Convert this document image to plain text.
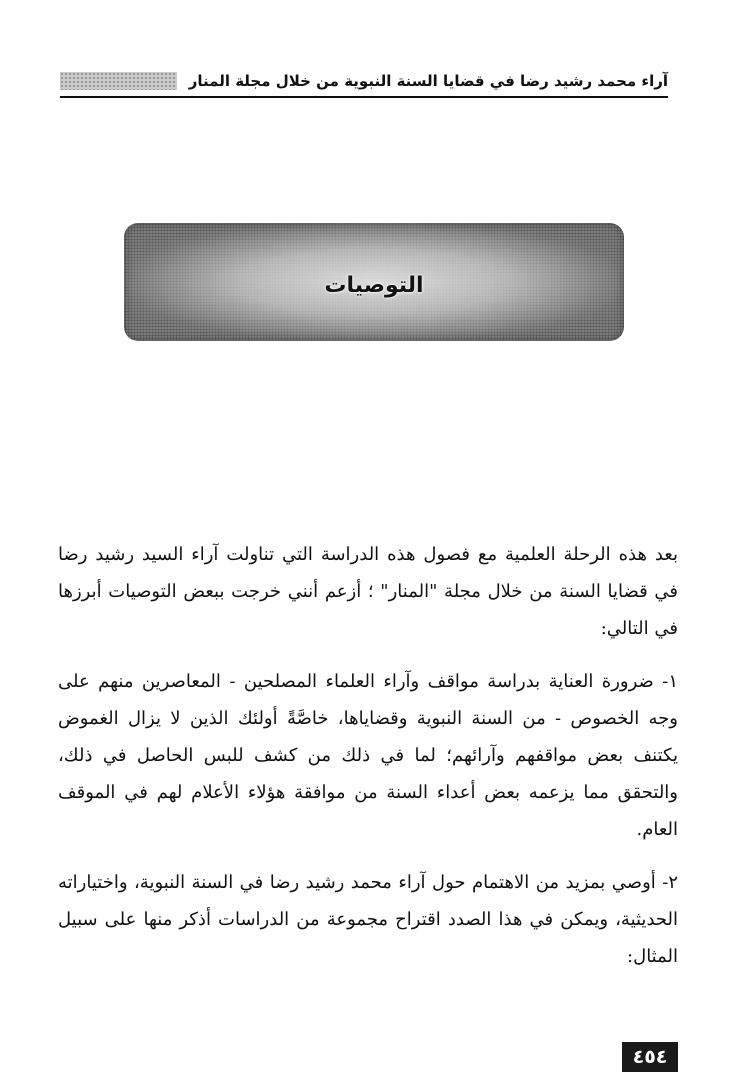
آراء محمد رشيد رضا في قضايا السنة النبوية من خلال مجلة المنار
التوصيات

بعد هذه الرحلة العلمية مع فصول هذه الدراسة التي تناولت آراء السيد رشيد رضا في قضايا السنة من خلال مجلة "المنار" ؛ أزعم أنني خرجت ببعض التوصيات أبرزها في التالي:

١- ضرورة العناية بدراسة مواقف وآراء العلماء المصلحين - المعاصرين منهم على وجه الخصوص - من السنة النبوية وقضاياها، خاصَّةً أولئك الذين لا يزال الغموض يكتنف بعض مواقفهم وآرائهم؛ لما في ذلك من كشف للبس الحاصل في ذلك، والتحقق مما يزعمه بعض أعداء السنة من موافقة هؤلاء الأعلام لهم في الموقف العام.

٢- أوصي بمزيد من الاهتمام حول آراء محمد رشيد رضا في السنة النبوية، واختياراته الحديثية، ويمكن في هذا الصدد اقتراح مجموعة من الدراسات أذكر منها على سبيل المثال:

٤٥٤
